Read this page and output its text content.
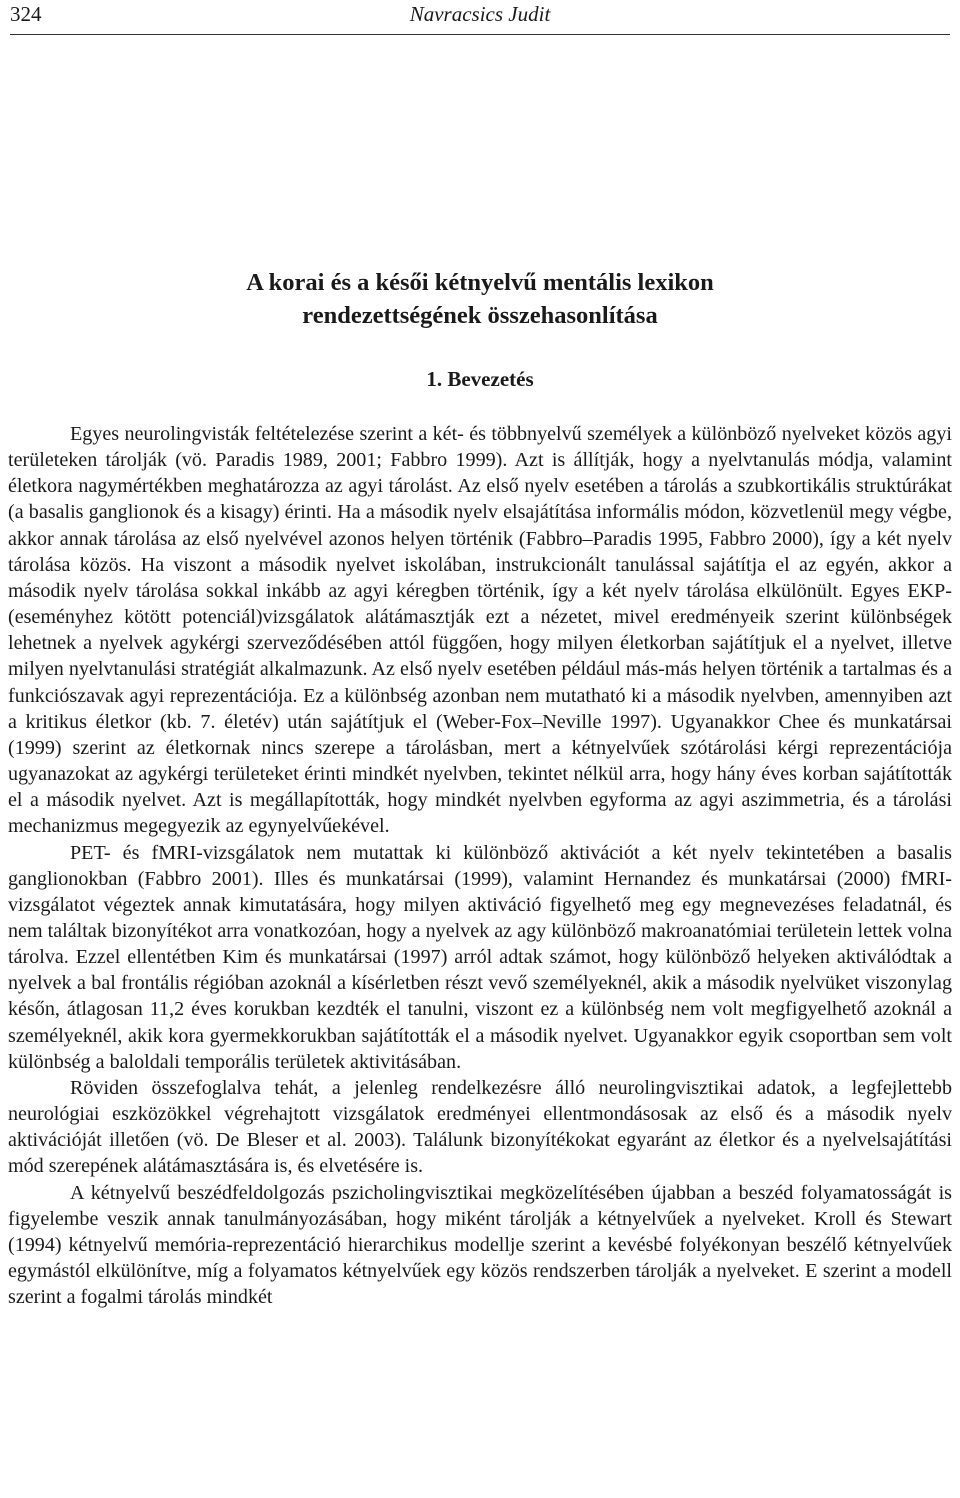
324	Navracsics Judit
A korai és a késői kétnyelvű mentális lexikon
rendezettségének összehasonlítása
1. Bevezetés

Egyes neurolingvisták feltételezése szerint a két- és többnyelvű személyek a különböző nyelveket közös agyi területeken tárolják (vö. Paradis 1989, 2001; Fabbro 1999). Azt is állítják, hogy a nyelvtanulás módja, valamint életkora nagymértékben meghatározza az agyi tárolást. Az első nyelv esetében a tárolás a szubkortikális struktúrákat (a basalis ganglionok és a kisagy) érinti. Ha a második nyelv elsajátítása informális módon, közvetlenül megy végbe, akkor annak tárolása az első nyelvével azonos helyen történik (Fabbro–Paradis 1995, Fabbro 2000), így a két nyelv tárolása közös. Ha viszont a második nyelvet iskolában, instrukcionált tanulással sajátítja el az egyén, akkor a második nyelv tárolása sokkal inkább az agyi kéregben történik, így a két nyelv tárolása elkülönült. Egyes EKP-(eseményhez kötött potenciál)vizsgálatok alátámasztják ezt a nézetet, mivel eredményeik szerint különbségek lehetnek a nyelvek agykérgi szerveződésében attól függően, hogy milyen életkorban sajátítjuk el a nyelvet, illetve milyen nyelvtanulási stratégiát alkalmazunk. Az első nyelv esetében például más-más helyen történik a tartalmas és a funkciószavak agyi reprezentációja. Ez a különbség azonban nem mutatható ki a második nyelvben, amennyiben azt a kritikus életkor (kb. 7. életév) után sajátítjuk el (Weber-Fox–Neville 1997). Ugyanakkor Chee és munkatársai (1999) szerint az életkornak nincs szerepe a tárolásban, mert a kétnyelvűek szótárolási kérgi reprezentációja ugyanazokat az agykérgi területeket érinti mindkét nyelvben, tekintet nélkül arra, hogy hány éves korban sajátították el a második nyelvet. Azt is megállapították, hogy mindkét nyelvben egyforma az agyi aszimmetria, és a tárolási mechanizmus megegyezik az egynyelvűekével.

PET- és fMRI-vizsgálatok nem mutattak ki különböző aktivációt a két nyelv tekintetében a basalis ganglionokban (Fabbro 2001). Illes és munkatársai (1999), valamint Hernandez és munkatársai (2000) fMRI-vizsgálatot végeztek annak kimutatására, hogy milyen aktiváció figyelhető meg egy megnevezéses feladatnál, és nem találtak bizonyítékot arra vonatkozóan, hogy a nyelvek az agy különböző makroanatómiai területein lettek volna tárolva. Ezzel ellentétben Kim és munkatársai (1997) arról adtak számot, hogy különböző helyeken aktiválódtak a nyelvek a bal frontális régióban azoknál a kísérletben részt vevő személyeknél, akik a második nyelvüket viszonylag későn, átlagosan 11,2 éves korukban kezdték el tanulni, viszont ez a különbség nem volt megfigyelhető azoknál a személyeknél, akik kora gyermekkorukban sajátították el a második nyelvet. Ugyanakkor egyik csoportban sem volt különbség a baloldali temporális területek aktivitásában.

Röviden összefoglalva tehát, a jelenleg rendelkezésre álló neurolingvisztikai adatok, a legfejlettebb neurológiai eszközökkel végrehajtott vizsgálatok eredményei ellentmondásosak az első és a második nyelv aktivációját illetően (vö. De Bleser et al. 2003). Találunk bizonyítékokat egyaránt az életkor és a nyelvelsajátítási mód szerepének alátámasztására is, és elvetésére is.

A kétnyelvű beszédfeldolgozás pszicholingvisztikai megközelítésében újabban a beszéd folyamatosságát is figyelembe veszik annak tanulmányozásában, hogy miként tárolják a kétnyelvűek a nyelveket. Kroll és Stewart (1994) kétnyelvű memória-reprezentáció hierarchikus modellje szerint a kevésbé folyékonyan beszélő kétnyelvűek egymástól elkülönítve, míg a folyamatos kétnyelvűek egy közös rendszerben tárolják a nyelveket. E szerint a modell szerint a fogalmi tárolás mindkét
